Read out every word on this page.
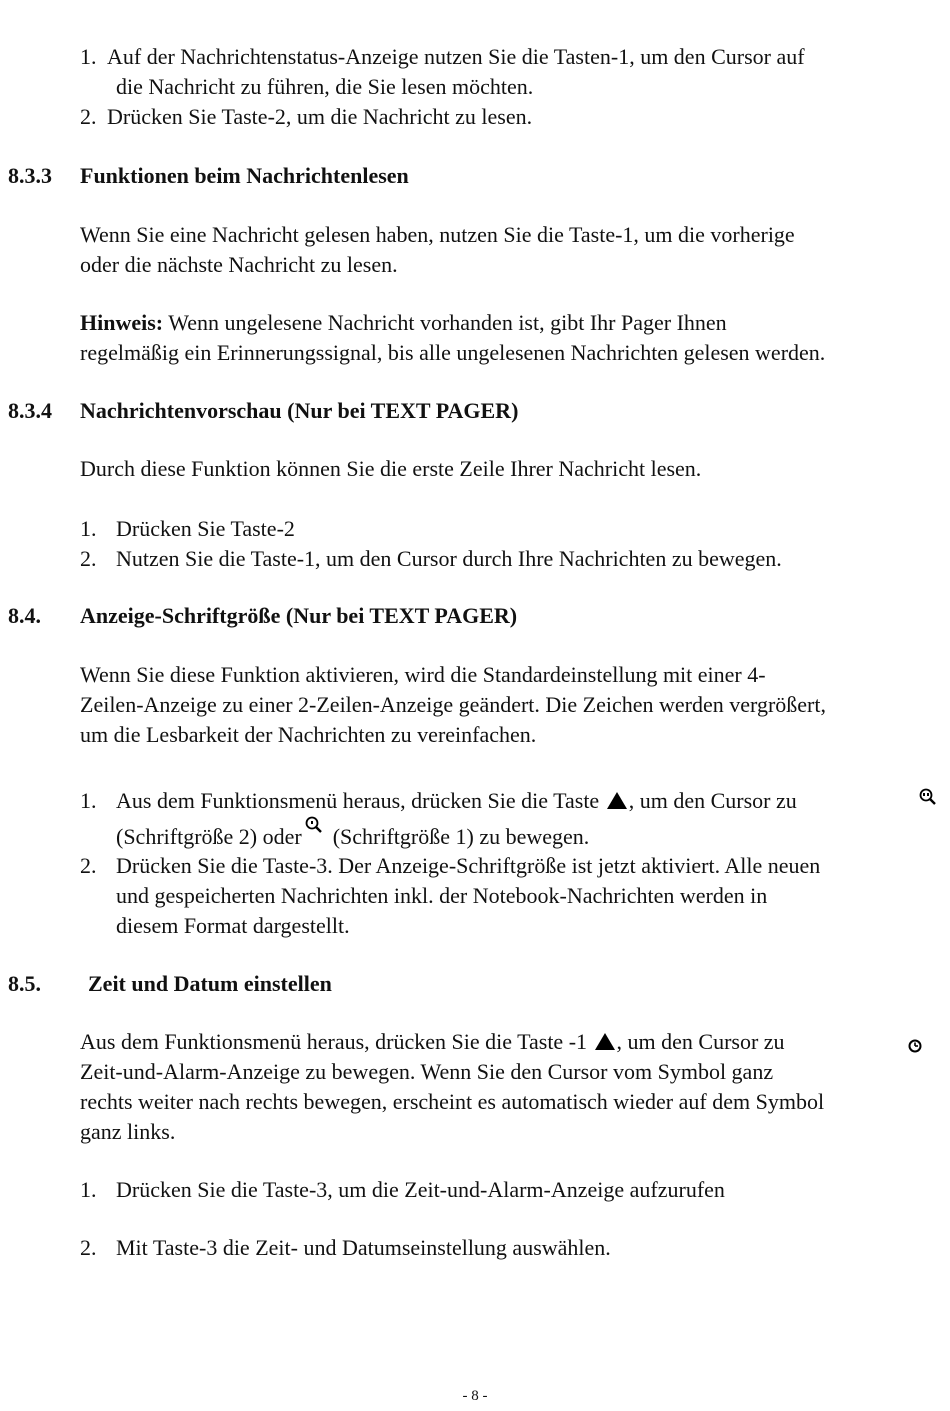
1. Auf der Nachrichtenstatus-Anzeige nutzen Sie die Tasten-1, um den Cursor auf
die Nachricht zu führen, die Sie lesen möchten.
2. Drücken Sie Taste-2, um die Nachricht zu lesen.
8.3.3 Funktionen beim Nachrichtenlesen
Wenn Sie eine Nachricht gelesen haben, nutzen Sie die Taste-1, um die vorherige
oder die nächste Nachricht zu lesen.
Hinweis: Wenn ungelesene Nachricht vorhanden ist, gibt Ihr Pager Ihnen
regelmäßig ein Erinnerungssignal, bis alle ungelesenen Nachrichten gelesen werden.
8.3.4 Nachrichtenvorschau (Nur bei TEXT PAGER)
Durch diese Funktion können Sie die erste Zeile Ihrer Nachricht lesen.
1. Drücken Sie Taste-2
2. Nutzen Sie die Taste-1, um den Cursor durch Ihre Nachrichten zu bewegen.
8.4. Anzeige-Schriftgröße (Nur bei TEXT PAGER)
Wenn Sie diese Funktion aktivieren, wird die Standardeinstellung mit einer 4-
Zeilen-Anzeige zu einer 2-Zeilen-Anzeige geändert. Die Zeichen werden vergrößert,
um die Lesbarkeit der Nachrichten zu vereinfachen.
1. Aus dem Funktionsmenü heraus, drücken Sie die Taste , um den Cursor zu
(Schriftgröße 2) oder  (Schriftgröße 1) zu bewegen.
2. Drücken Sie die Taste-3. Der Anzeige-Schriftgröße ist jetzt aktiviert. Alle neuen
und gespeicherten Nachrichten inkl. der Notebook-Nachrichten werden in
diesem Format dargestellt.
8.5. Zeit und Datum einstellen
Aus dem Funktionsmenü heraus, drücken Sie die Taste -1 , um den Cursor zu
Zeit-und-Alarm-Anzeige zu bewegen. Wenn Sie den Cursor vom Symbol ganz
rechts weiter nach rechts bewegen, erscheint es automatisch wieder auf dem Symbol
ganz links.
1. Drücken Sie die Taste-3, um die Zeit-und-Alarm-Anzeige aufzurufen
2. Mit Taste-3 die Zeit- und Datumseinstellung auswählen.
- 8 -
